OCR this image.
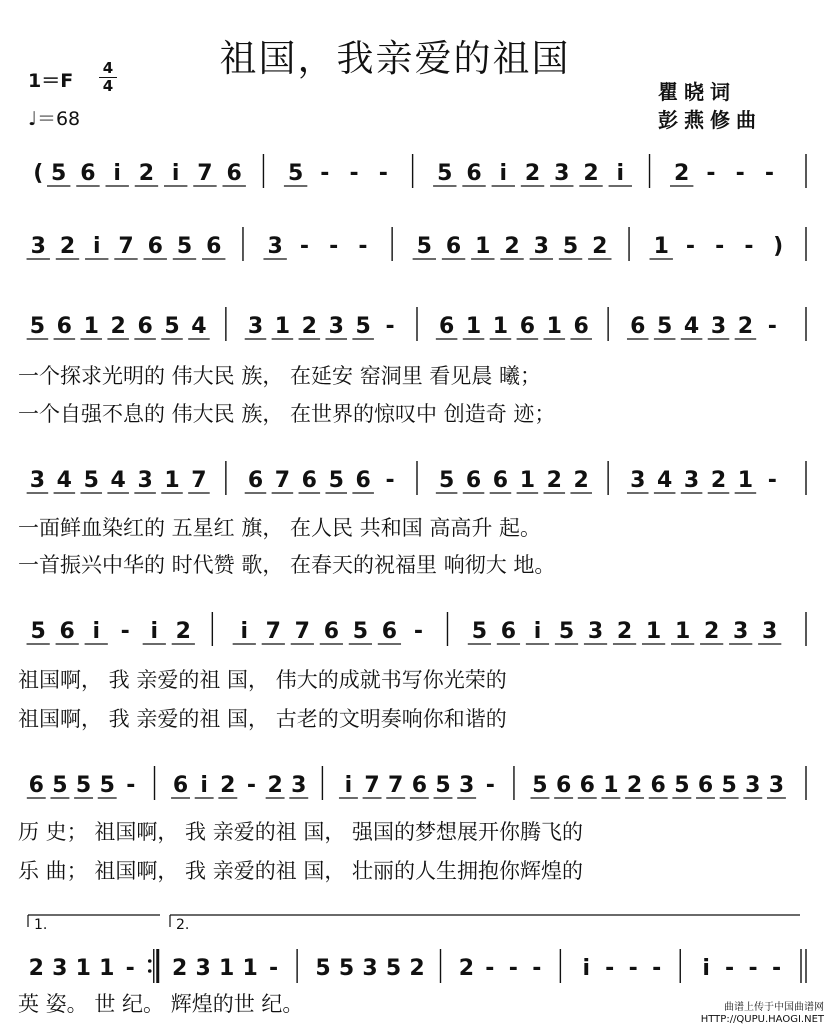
祖国，我亲爱的祖国
1＝F
4
4
♩＝68
瞿晓词
彭燕修曲
( 5 6 i 2 i 7 6 5 - - - 5 6 i 2 3 2 i 2 - - -
3 2 i 7 6 5 6 3 - - - 5 6 1 2 3 5 2 1 - - - )
5 6 1 2 6 5 4 3 1 2 3 5 - 6 1 1 6 1 6 6 5 4 3 2 -
3 4 5 4 3 1 7 6 7 6 5 6 - 5 6 6 1 2 2 3 4 3 2 1 -
5 6 i - i 2 i 7 7 6 5 6 - 5 6 i 5 3 2 1 1 2 3 3
6 5 5 5 - 6 i 2 - 2 3 i 7 7 6 5 3 - 5 6 6 1 2 6 5 6 5 3 3
2 3 1 1 - 2 3 1 1 - 5 5 3 5 2 2 - - - i - - - i - - -
1.	2.
一个探求光明的 伟大民 族， 在延安 窑洞里 看见晨 曦；
一个自强不息的 伟大民 族， 在世界的惊叹中 创造奇 迹；
一面鲜血染红的 五星红 旗， 在人民 共和国 高高升 起。
一首振兴中华的 时代赞 歌， 在春天的祝福里 响彻大 地。
祖国啊， 我 亲爱的祖 国， 伟大的成就书写你光荣的
祖国啊， 我 亲爱的祖 国， 古老的文明奏响你和谐的
历 史； 祖国啊， 我 亲爱的祖 国， 强国的梦想展开你腾飞的
乐 曲； 祖国啊， 我 亲爱的祖 国， 壮丽的人生拥抱你辉煌的
英 姿。 世 纪。 辉煌的世 纪。	曲谱上传于中国曲谱网
HTTP://QUPU.HAOGI.NET
